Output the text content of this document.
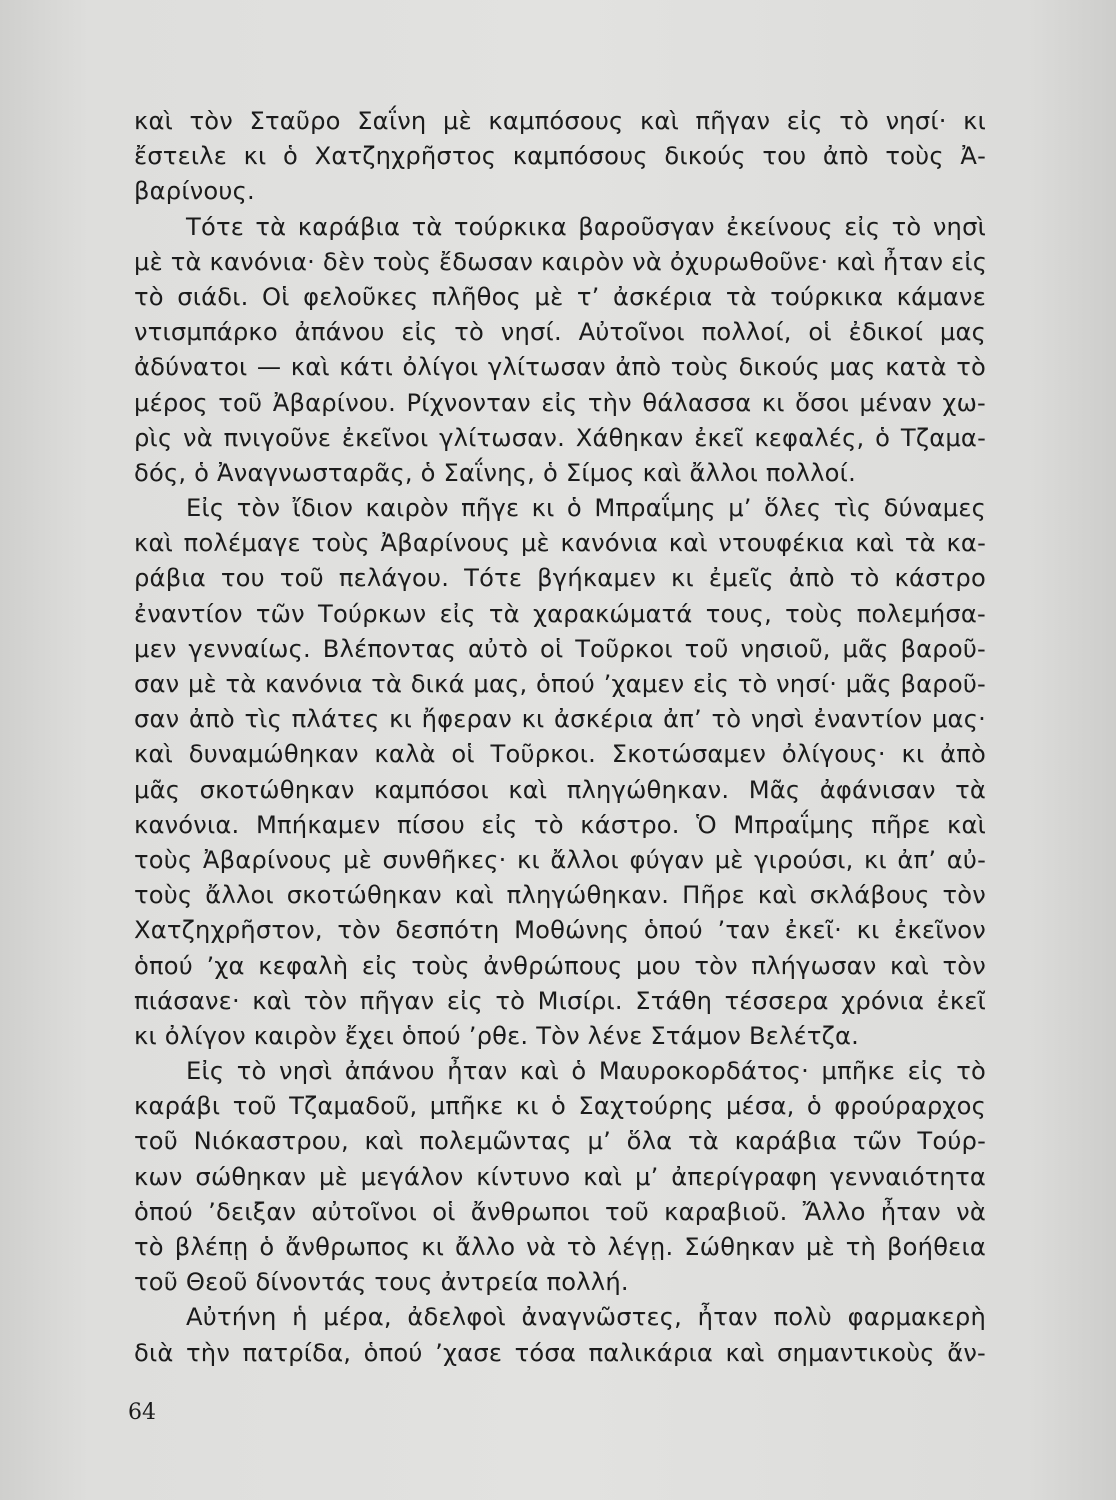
καὶ τὸν Σταῦρο Σαΐνη μὲ καμπόσους καὶ πῆγαν εἰς τὸ νησί· κι
ἔστειλε κι ὁ Χατζηχρῆστος καμπόσους δικούς του ἀπὸ τοὺς Ἀ-
βαρίνους.
Τότε τὰ καράβια τὰ τούρκικα βαροῦσγαν ἐκείνους εἰς τὸ νησὶ
μὲ τὰ κανόνια· δὲν τοὺς ἔδωσαν καιρὸν νὰ ὀχυρωθοῦνε· καὶ ἦταν εἰς
τὸ σιάδι. Οἱ φελοῦκες πλῆθος μὲ τ’ ἀσκέρια τὰ τούρκικα κάμανε
ντισμπάρκο ἀπάνου εἰς τὸ νησί. Αὐτοῖνοι πολλοί, οἱ ἐδικοί μας
ἀδύνατοι — καὶ κάτι ὀλίγοι γλίτωσαν ἀπὸ τοὺς δικούς μας κατὰ τὸ
μέρος τοῦ Ἀβαρίνου. Ρίχνονταν εἰς τὴν θάλασσα κι ὅσοι μέναν χω-
ρὶς νὰ πνιγοῦνε ἐκεῖνοι γλίτωσαν. Χάθηκαν ἐκεῖ κεφαλές, ὁ Τζαμα-
δός, ὁ Ἀναγνωσταρᾶς, ὁ Σαΐνης, ὁ Σίμος καὶ ἄλλοι πολλοί.
Εἰς τὸν ἴδιον καιρὸν πῆγε κι ὁ Μπραΐμης μ’ ὅλες τὶς δύναμες
καὶ πολέμαγε τοὺς Ἀβαρίνους μὲ κανόνια καὶ ντουφέκια καὶ τὰ κα-
ράβια του τοῦ πελάγου. Τότε βγήκαμεν κι ἐμεῖς ἀπὸ τὸ κάστρο
ἐναντίον τῶν Τούρκων εἰς τὰ χαρακώματά τους, τοὺς πολεμήσα-
μεν γενναίως. Βλέποντας αὐτὸ οἱ Τοῦρκοι τοῦ νησιοῦ, μᾶς βαροῦ-
σαν μὲ τὰ κανόνια τὰ δικά μας, ὁπού ’χαμεν εἰς τὸ νησί· μᾶς βαροῦ-
σαν ἀπὸ τὶς πλάτες κι ἤφεραν κι ἀσκέρια ἀπ’ τὸ νησὶ ἐναντίον μας·
καὶ δυναμώθηκαν καλὰ οἱ Τοῦρκοι. Σκοτώσαμεν ὀλίγους· κι ἀπὸ
μᾶς σκοτώθηκαν καμπόσοι καὶ πληγώθηκαν. Μᾶς ἀφάνισαν τὰ
κανόνια. Μπήκαμεν πίσου εἰς τὸ κάστρο. Ὁ Μπραΐμης πῆρε καὶ
τοὺς Ἀβαρίνους μὲ συνθῆκες· κι ἄλλοι φύγαν μὲ γιρούσι, κι ἀπ’ αὐ-
τοὺς ἄλλοι σκοτώθηκαν καὶ πληγώθηκαν. Πῆρε καὶ σκλάβους τὸν
Χατζηχρῆστον, τὸν δεσπότη Μοθώνης ὁπού ’ταν ἐκεῖ· κι ἐκεῖνον
ὁπού ’χα κεφαλὴ εἰς τοὺς ἀνθρώπους μου τὸν πλήγωσαν καὶ τὸν
πιάσανε· καὶ τὸν πῆγαν εἰς τὸ Μισίρι. Στάθη τέσσερα χρόνια ἐκεῖ
κι ὀλίγον καιρὸν ἔχει ὁπού ’ρθε. Τὸν λένε Στάμον Βελέτζα.
Εἰς τὸ νησὶ ἀπάνου ἦταν καὶ ὁ Μαυροκορδάτος· μπῆκε εἰς τὸ
καράβι τοῦ Τζαμαδοῦ, μπῆκε κι ὁ Σαχτούρης μέσα, ὁ φρούραρχος
τοῦ Νιόκαστρου, καὶ πολεμῶντας μ’ ὅλα τὰ καράβια τῶν Τούρ-
κων σώθηκαν μὲ μεγάλον κίντυνο καὶ μ’ ἀπερίγραφη γενναιότητα
ὁπού ’δειξαν αὐτοῖνοι οἱ ἄνθρωποι τοῦ καραβιοῦ. Ἄλλο ἦταν νὰ
τὸ βλέπῃ ὁ ἄνθρωπος κι ἄλλο νὰ τὸ λέγῃ. Σώθηκαν μὲ τὴ βοήθεια
τοῦ Θεοῦ δίνοντάς τους ἀντρεία πολλή.
Αὐτήνη ἡ μέρα, ἀδελφοὶ ἀναγνῶστες, ἦταν πολὺ φαρμακερὴ
διὰ τὴν πατρίδα, ὁπού ’χασε τόσα παλικάρια καὶ σημαντικοὺς ἄν-
64
